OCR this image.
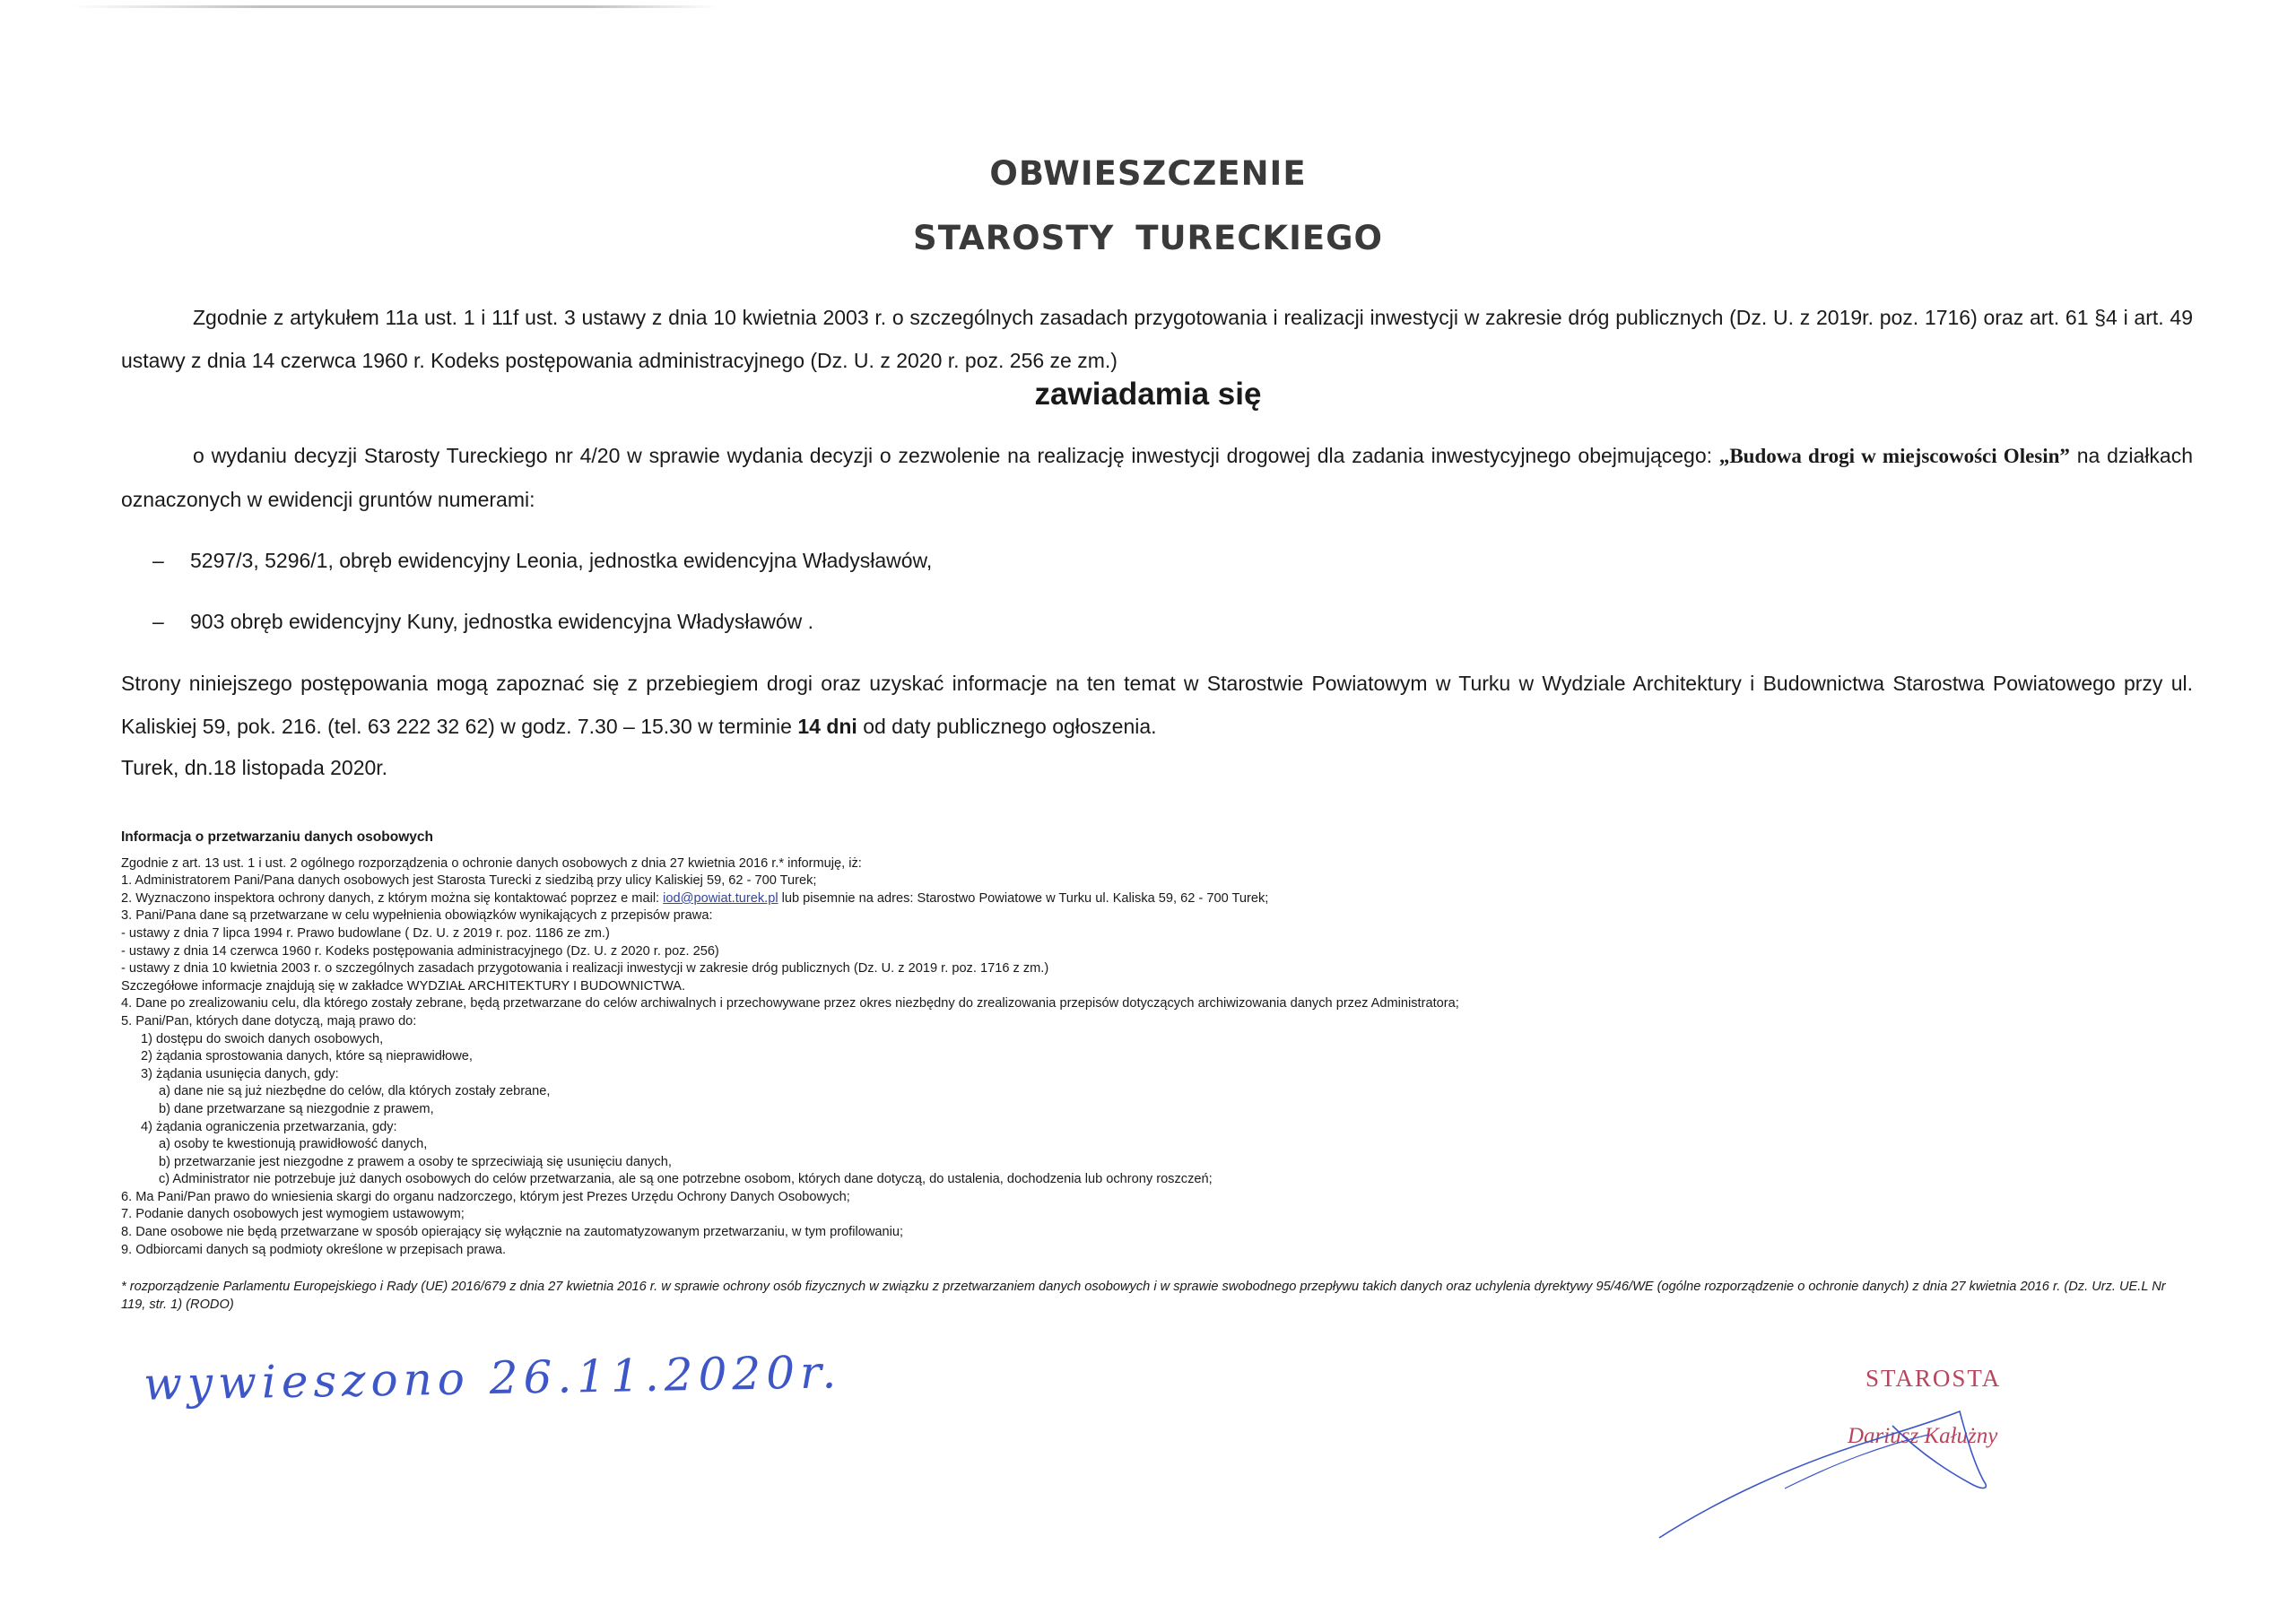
OBWIESZCZENIE
STAROSTY TURECKIEGO
Zgodnie z artykułem 11a ust. 1 i 11f ust. 3 ustawy z dnia 10 kwietnia 2003 r. o szczególnych zasadach przygotowania i realizacji inwestycji w zakresie dróg publicznych (Dz. U. z 2019r. poz. 1716) oraz art. 61 §4 i art. 49 ustawy z dnia 14 czerwca 1960 r. Kodeks postępowania administracyjnego (Dz. U. z 2020 r. poz. 256 ze zm.)
zawiadamia się
o wydaniu decyzji Starosty Tureckiego nr 4/20 w sprawie wydania decyzji o zezwolenie na realizację inwestycji drogowej dla zadania inwestycyjnego obejmującego: „Budowa drogi w miejscowości Olesin” na działkach oznaczonych w ewidencji gruntów numerami:
– 5297/3, 5296/1, obręb ewidencyjny Leonia, jednostka ewidencyjna Władysławów,
– 903 obręb ewidencyjny Kuny, jednostka ewidencyjna Władysławów .
Strony niniejszego postępowania mogą zapoznać się z przebiegiem drogi oraz uzyskać informacje na ten temat w Starostwie Powiatowym w Turku w Wydziale Architektury i Budownictwa Starostwa Powiatowego przy ul. Kaliskiej 59, pok. 216. (tel. 63 222 32 62) w godz. 7.30 – 15.30 w terminie 14 dni od daty publicznego ogłoszenia.
Turek, dn.18 listopada 2020r.
Informacja o przetwarzaniu danych osobowych
Zgodnie z art. 13 ust. 1 i ust. 2 ogólnego rozporządzenia o ochronie danych osobowych z dnia 27 kwietnia 2016 r.* informuję, iż:
1. Administratorem Pani/Pana danych osobowych jest Starosta Turecki z siedzibą przy ulicy Kaliskiej 59, 62 - 700 Turek;
2. Wyznaczono inspektora ochrony danych, z którym można się kontaktować poprzez e mail: iod@powiat.turek.pl lub pisemnie na adres: Starostwo Powiatowe w Turku ul. Kaliska 59, 62 - 700 Turek;
3. Pani/Pana dane są przetwarzane w celu wypełnienia obowiązków wynikających z przepisów prawa:
- ustawy z dnia 7 lipca 1994 r. Prawo budowlane ( Dz. U. z 2019 r. poz. 1186 ze zm.)
- ustawy z dnia 14 czerwca 1960 r. Kodeks postępowania administracyjnego (Dz. U. z 2020 r. poz. 256)
- ustawy z dnia 10 kwietnia 2003 r. o szczególnych zasadach przygotowania i realizacji inwestycji w zakresie dróg publicznych (Dz. U. z 2019 r. poz. 1716 z zm.)
Szczegółowe informacje znajdują się w zakładce WYDZIAŁ ARCHITEKTURY I BUDOWNICTWA.
4. Dane po zrealizowaniu celu, dla którego zostały zebrane, będą przetwarzane do celów archiwalnych i przechowywane przez okres niezbędny do zrealizowania przepisów dotyczących archiwizowania danych przez Administratora;
5. Pani/Pan, których dane dotyczą, mają prawo do:
1) dostępu do swoich danych osobowych,
2) żądania sprostowania danych, które są nieprawidłowe,
3) żądania usunięcia danych, gdy:
a) dane nie są już niezbędne do celów, dla których zostały zebrane,
b) dane przetwarzane są niezgodnie z prawem,
4) żądania ograniczenia przetwarzania, gdy:
a) osoby te kwestionują prawidłowość danych,
b) przetwarzanie jest niezgodne z prawem a osoby te sprzeciwiają się usunięciu danych,
c) Administrator nie potrzebuje już danych osobowych do celów przetwarzania, ale są one potrzebne osobom, których dane dotyczą, do ustalenia, dochodzenia lub ochrony roszczeń;
6. Ma Pani/Pan prawo do wniesienia skargi do organu nadzorczego, którym jest Prezes Urzędu Ochrony Danych Osobowych;
7. Podanie danych osobowych jest wymogiem ustawowym;
8. Dane osobowe nie będą przetwarzane w sposób opierający się wyłącznie na zautomatyzowanym przetwarzaniu, w tym profilowaniu;
9. Odbiorcami danych są podmioty określone w przepisach prawa.
* rozporządzenie Parlamentu Europejskiego i Rady (UE) 2016/679 z dnia 27 kwietnia 2016 r. w sprawie ochrony osób fizycznych w związku z przetwarzaniem danych osobowych i w sprawie swobodnego przepływu takich danych oraz uchylenia dyrektywy 95/46/WE (ogólne rozporządzenie o ochronie danych) z dnia 27 kwietnia 2016 r. (Dz. Urz. UE.L Nr 119, str. 1) (RODO)
wywieszono 26.11.2020r.	STAROSTA
Dariusz Kałużny
